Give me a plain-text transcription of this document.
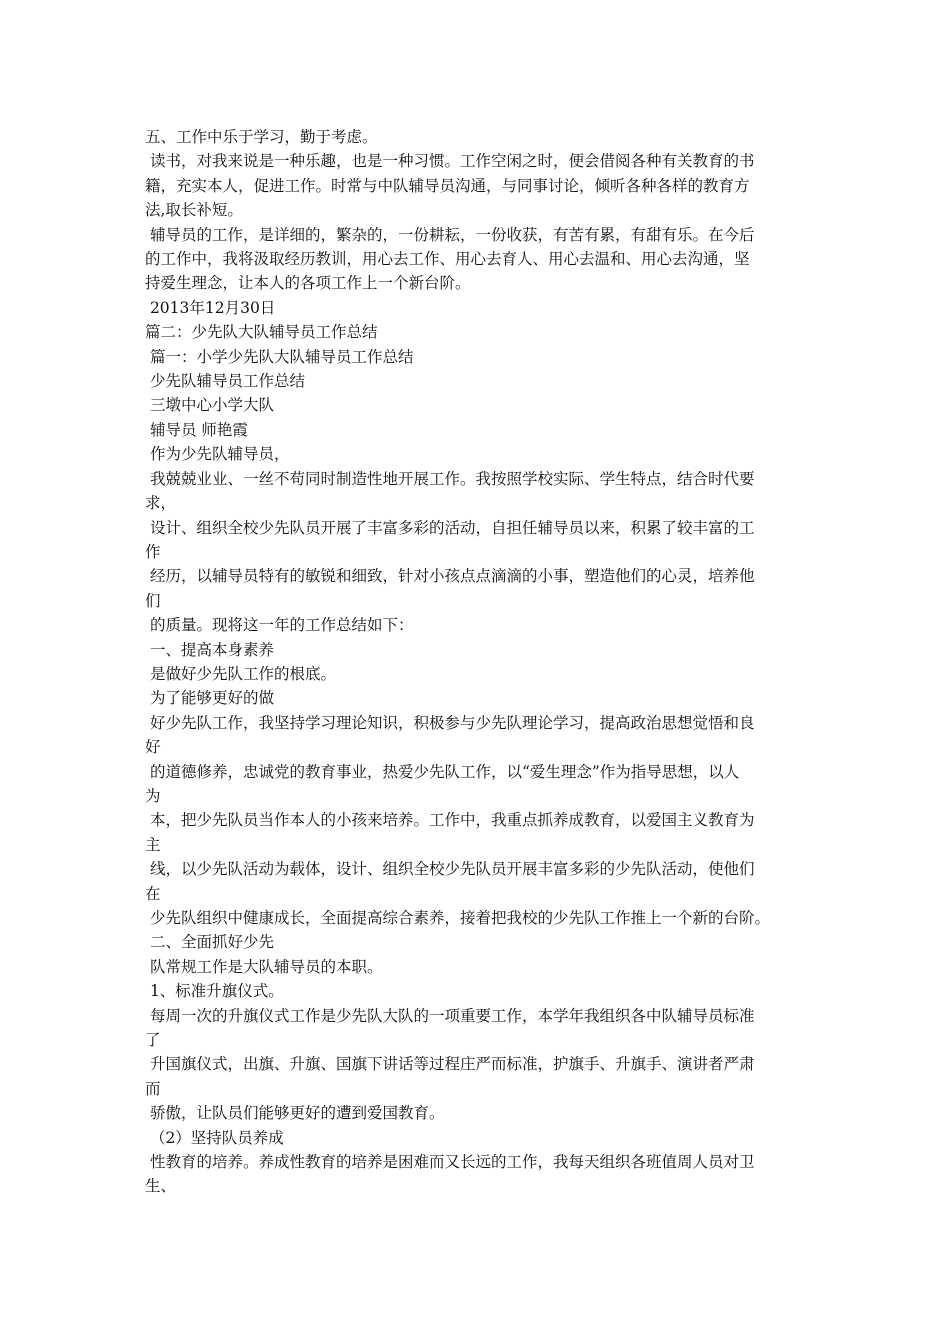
五、工作中乐于学习，勤于考虑。

读书，对我来说是一种乐趣，也是一种习惯。工作空闲之时，便会借阅各种有关教育的书

籍，充实本人，促进工作。时常与中队辅导员沟通，与同事讨论，倾听各种各样的教育方

法,取长补短。

辅导员的工作，是详细的，繁杂的，一份耕耘，一份收获，有苦有累，有甜有乐。在今后

的工作中，我将汲取经历教训，用心去工作、用心去育人、用心去温和、用心去沟通，坚

持爱生理念，让本人的各项工作上一个新台阶。

2013年12月30日

篇二：少先队大队辅导员工作总结

篇一：小学少先队大队辅导员工作总结

少先队辅导员工作总结

三墩中心小学大队

辅导员 师艳霞

作为少先队辅导员，

我兢兢业业、一丝不苟同时制造性地开展工作。我按照学校实际、学生特点，结合时代要

求，

设计、组织全校少先队员开展了丰富多彩的活动，自担任辅导员以来，积累了较丰富的工

作

经历，以辅导员特有的敏锐和细致，针对小孩点点滴滴的小事，塑造他们的心灵，培养他

们

的质量。现将这一年的工作总结如下：

一、提高本身素养

是做好少先队工作的根底。

为了能够更好的做

好少先队工作，我坚持学习理论知识，积极参与少先队理论学习，提高政治思想觉悟和良

好

的道德修养，忠诚党的教育事业，热爱少先队工作，以“爱生理念”作为指导思想，以人

为

本，把少先队员当作本人的小孩来培养。工作中，我重点抓养成教育，以爱国主义教育为

主

线，以少先队活动为载体，设计、组织全校少先队员开展丰富多彩的少先队活动，使他们

在

少先队组织中健康成长，全面提高综合素养，接着把我校的少先队工作推上一个新的台阶。

二、全面抓好少先

队常规工作是大队辅导员的本职。

1、标准升旗仪式。

每周一次的升旗仪式工作是少先队大队的一项重要工作，本学年我组织各中队辅导员标准

了

升国旗仪式，出旗、升旗、国旗下讲话等过程庄严而标准，护旗手、升旗手、演讲者严肃

而

骄傲，让队员们能够更好的遭到爱国教育。

（2）坚持队员养成

性教育的培养。养成性教育的培养是困难而又长远的工作，我每天组织各班值周人员对卫

生、
